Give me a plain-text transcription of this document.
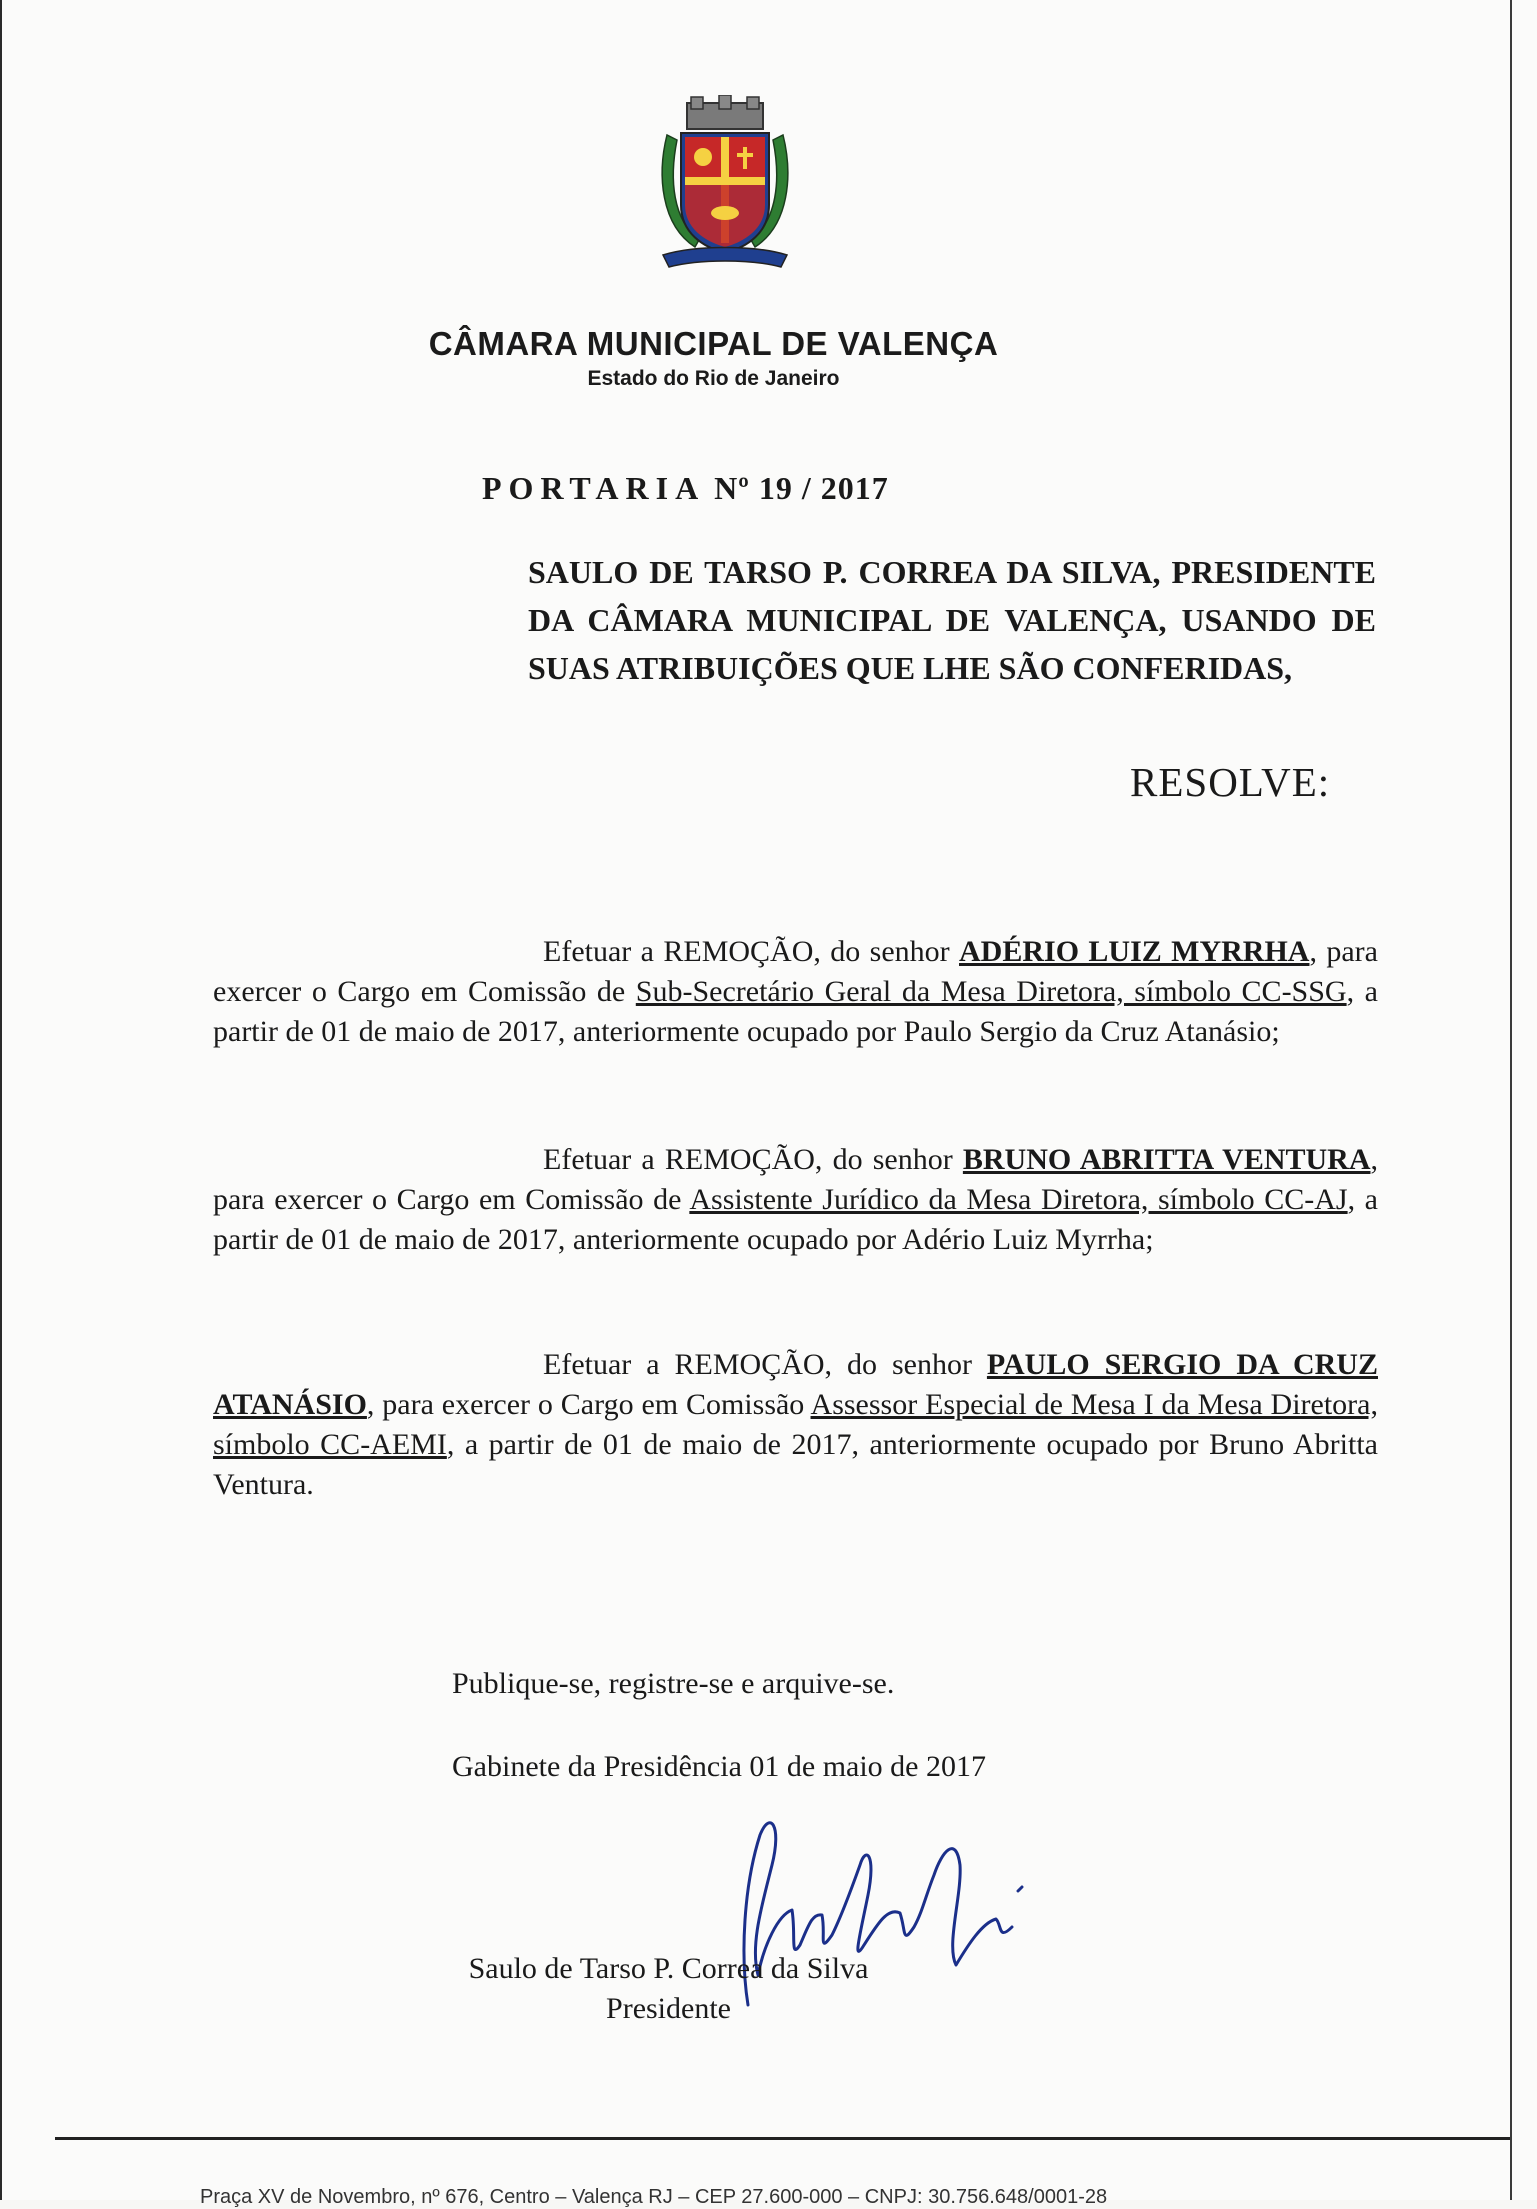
CÂMARA MUNICIPAL DE VALENÇA
Estado do Rio de Janeiro
PORTARIA Nº 19 / 2017
SAULO DE TARSO P. CORREA DA SILVA, PRESIDENTE DA CÂMARA MUNICIPAL DE VALENÇA, USANDO DE SUAS ATRIBUIÇÕES QUE LHE SÃO CONFERIDAS,
RESOLVE:
Efetuar a REMOÇÃO, do senhor ADÉRIO LUIZ MYRRHA, para exercer o Cargo em Comissão de Sub-Secretário Geral da Mesa Diretora, símbolo CC-SSG, a partir de 01 de maio de 2017, anteriormente ocupado por Paulo Sergio da Cruz Atanásio;
Efetuar a REMOÇÃO, do senhor BRUNO ABRITTA VENTURA, para exercer o Cargo em Comissão de Assistente Jurídico da Mesa Diretora, símbolo CC-AJ, a partir de 01 de maio de 2017, anteriormente ocupado por Adério Luiz Myrrha;
Efetuar a REMOÇÃO, do senhor PAULO SERGIO DA CRUZ ATANÁSIO, para exercer o Cargo em Comissão Assessor Especial de Mesa I da Mesa Diretora, símbolo CC-AEMI, a partir de 01 de maio de 2017, anteriormente ocupado por Bruno Abritta Ventura.
Publique-se, registre-se e arquive-se.
Gabinete da Presidência 01 de maio de 2017
Saulo de Tarso P. Correa da Silva
Presidente
Praça XV de Novembro, nº 676, Centro – Valença RJ – CEP 27.600-000 – CNPJ: 30.756.648/0001-28
